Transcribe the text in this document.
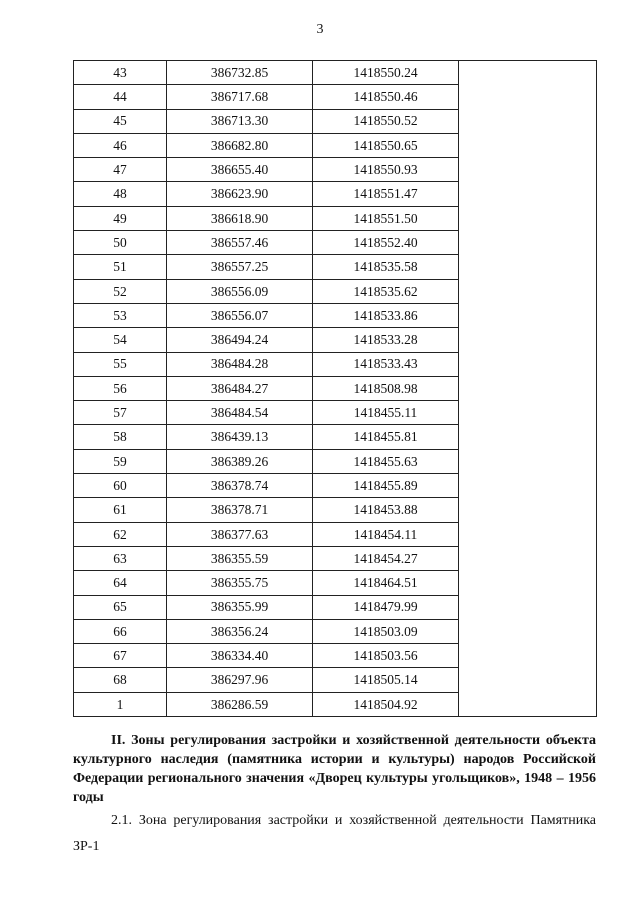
3
43	386732.85	1418550.24	
44	386717.68	1418550.46	
45	386713.30	1418550.52	
46	386682.80	1418550.65	
47	386655.40	1418550.93	
48	386623.90	1418551.47	
49	386618.90	1418551.50	
50	386557.46	1418552.40	
51	386557.25	1418535.58	
52	386556.09	1418535.62	
53	386556.07	1418533.86	
54	386494.24	1418533.28	
55	386484.28	1418533.43	
56	386484.27	1418508.98	
57	386484.54	1418455.11	
58	386439.13	1418455.81	
59	386389.26	1418455.63	
60	386378.74	1418455.89	
61	386378.71	1418453.88	
62	386377.63	1418454.11	
63	386355.59	1418454.27	
64	386355.75	1418464.51	
65	386355.99	1418479.99	
66	386356.24	1418503.09	
67	386334.40	1418503.56	
68	386297.96	1418505.14	
1	386286.59	1418504.92	
II. Зоны регулирования застройки и хозяйственной деятельности объекта культурного наследия (памятника истории и культуры) народов Российской Федерации регионального значения «Дворец культуры угольщиков», 1948 – 1956 годы
2.1. Зона регулирования застройки и хозяйственной деятельности Памятника ЗР-1
